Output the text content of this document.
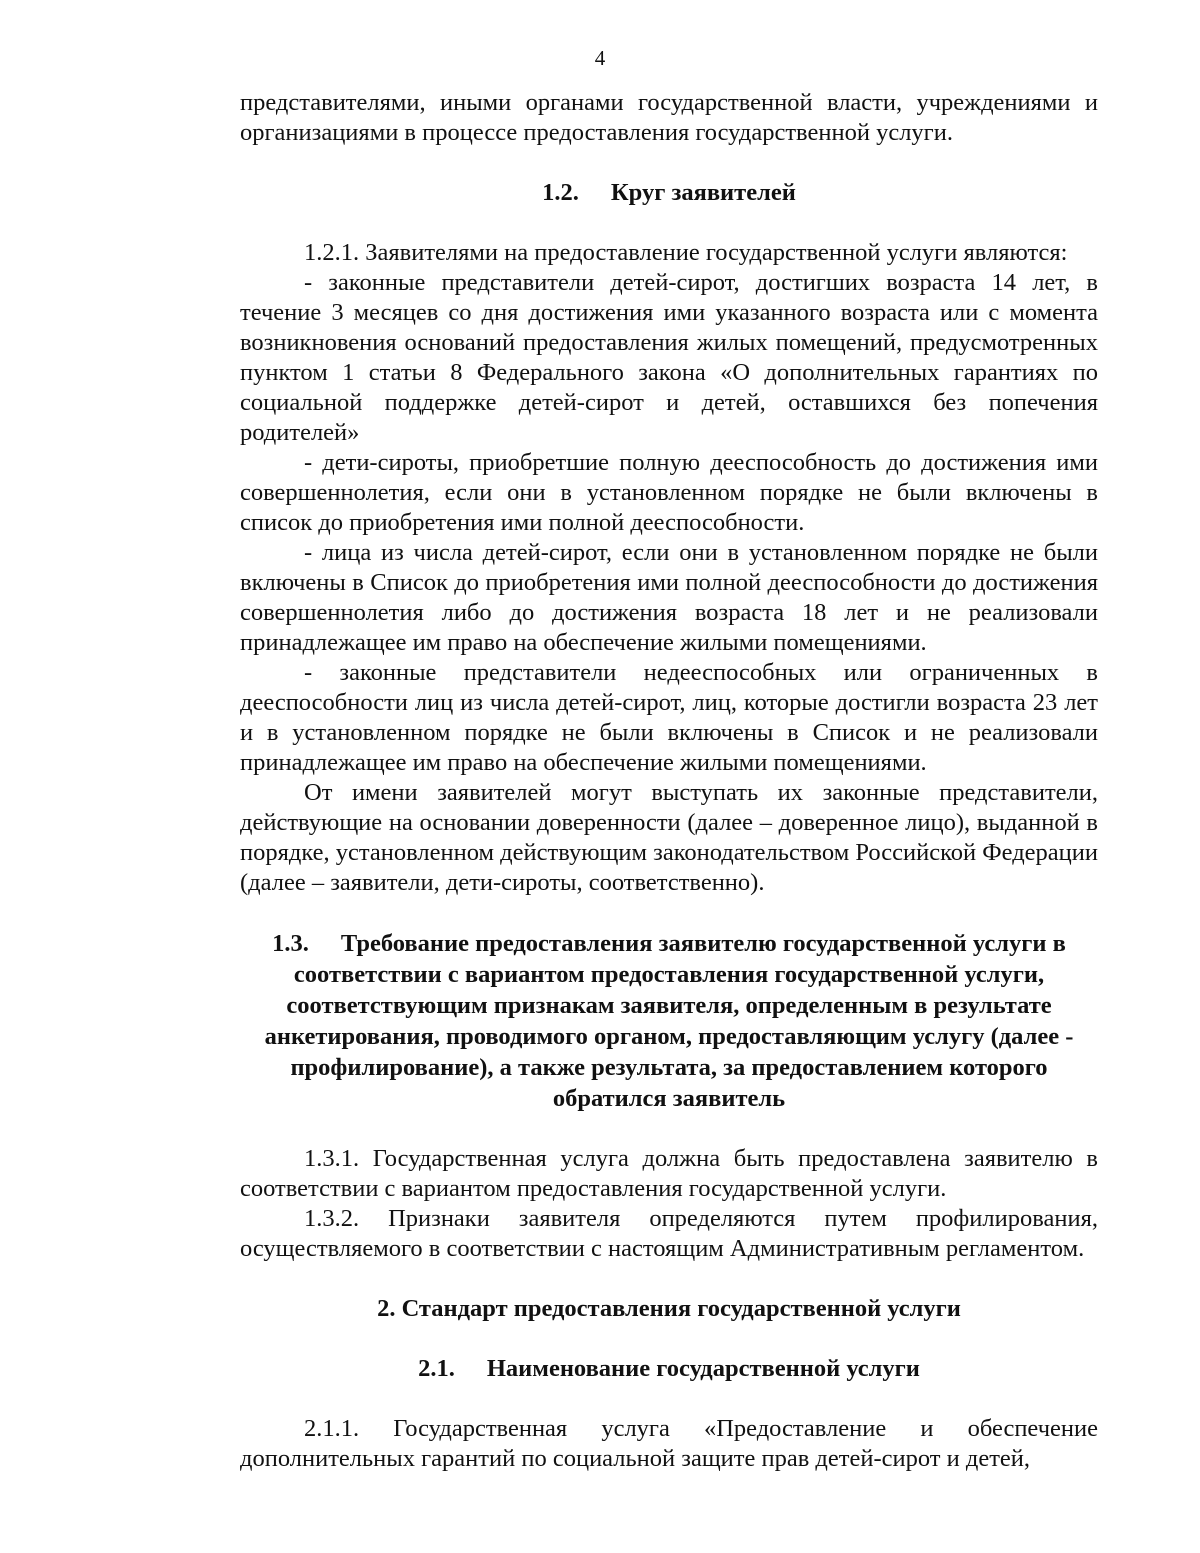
4

представителями, иными органами государственной власти, учреждениями и организациями в процессе предоставления государственной услуги.

1.2. Круг заявителей

1.2.1. Заявителями на предоставление государственной услуги являются:

- законные представители детей-сирот, достигших возраста 14 лет, в течение 3 месяцев со дня достижения ими указанного возраста или с момента возникновения оснований предоставления жилых помещений, предусмотренных пунктом 1 статьи 8 Федерального закона «О дополнительных гарантиях по социальной поддержке детей-сирот и детей, оставшихся без попечения родителей»

- дети-сироты, приобретшие полную дееспособность до достижения ими совершеннолетия, если они в установленном порядке не были включены в список до приобретения ими полной дееспособности.

- лица из числа детей-сирот, если они в установленном порядке не были включены в Список до приобретения ими полной дееспособности до достижения совершеннолетия либо до достижения возраста 18 лет и не реализовали принадлежащее им право на обеспечение жилыми помещениями.

- законные представители недееспособных или ограниченных в дееспособности лиц из числа детей-сирот, лиц, которые достигли возраста 23 лет и в установленном порядке не были включены в Список и не реализовали принадлежащее им право на обеспечение жилыми помещениями.

От имени заявителей могут выступать их законные представители, действующие на основании доверенности (далее – доверенное лицо), выданной в порядке, установленном действующим законодательством Российской Федерации (далее – заявители, дети-сироты, соответственно).

1.3. Требование предоставления заявителю государственной услуги в соответствии с вариантом предоставления государственной услуги, соответствующим признакам заявителя, определенным в результате анкетирования, проводимого органом, предоставляющим услугу (далее - профилирование), а также результата, за предоставлением которого обратился заявитель

1.3.1. Государственная услуга должна быть предоставлена заявителю в соответствии с вариантом предоставления государственной услуги.

1.3.2. Признаки заявителя определяются путем профилирования, осуществляемого в соответствии с настоящим Административным регламентом.

2. Стандарт предоставления государственной услуги

2.1. Наименование государственной услуги

2.1.1. Государственная услуга «Предоставление и обеспечение дополнительных гарантий по социальной защите прав детей-сирот и детей,
